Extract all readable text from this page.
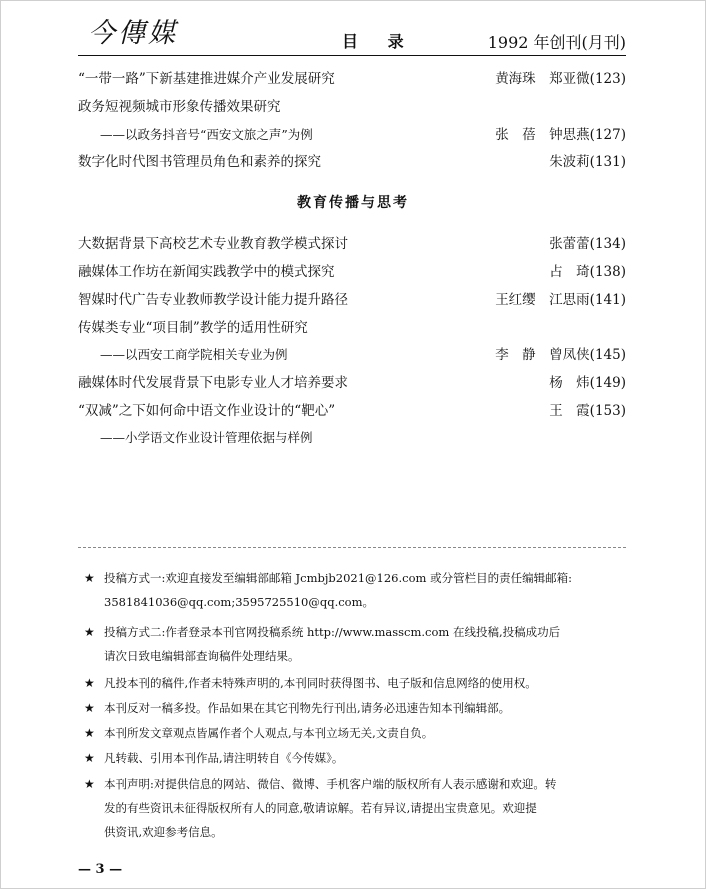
今傳媒	目 录	1992 年创刊(月刊)
“一带一路”下新基建推进媒介产业发展研究	黄海珠　郑亚微(123)
政务短视频城市形象传播效果研究
——以政务抖音号“西安文旅之声”为例	张　蓓　钟思燕(127)
数字化时代图书管理员角色和素养的探究	朱波莉(131)
教育传播与思考
大数据背景下高校艺术专业教育教学模式探讨	张蕾蕾(134)
融媒体工作坊在新闻实践教学中的模式探究	占　琦(138)
智媒时代广告专业教师教学设计能力提升路径	王红缨　江思雨(141)
传媒类专业“项目制”教学的适用性研究
——以西安工商学院相关专业为例	李　静　曾凤侠(145)
融媒体时代发展背景下电影专业人才培养要求	杨　炜(149)
“双减”之下如何命中语文作业设计的“靶心”	王　霞(153)
——小学语文作业设计管理依据与样例
★ 投稿方式一:欢迎直接发至编辑部邮箱 Jcmbjb2021@126.com 或分管栏目的责任编辑邮箱:
3581841036@qq.com;3595725510@qq.com。
★ 投稿方式二:作者登录本刊官网投稿系统 http://www.masscm.com 在线投稿,投稿成功后
请次日致电编辑部查询稿件处理结果。
★ 凡投本刊的稿件,作者未特殊声明的,本刊同时获得图书、电子版和信息网络的使用权。
★ 本刊反对一稿多投。作品如果在其它刊物先行刊出,请务必迅速告知本刊编辑部。
★ 本刊所发文章观点皆属作者个人观点,与本刊立场无关,文责自负。
★ 凡转载、引用本刊作品,请注明转自《今传媒》。
★ 本刊声明:对提供信息的网站、微信、微博、手机客户端的版权所有人表示感谢和欢迎。转
发的有些资讯未征得版权所有人的同意,敬请谅解。若有异议,请提出宝贵意见。欢迎提
供资讯,欢迎参考信息。
— 3 —
